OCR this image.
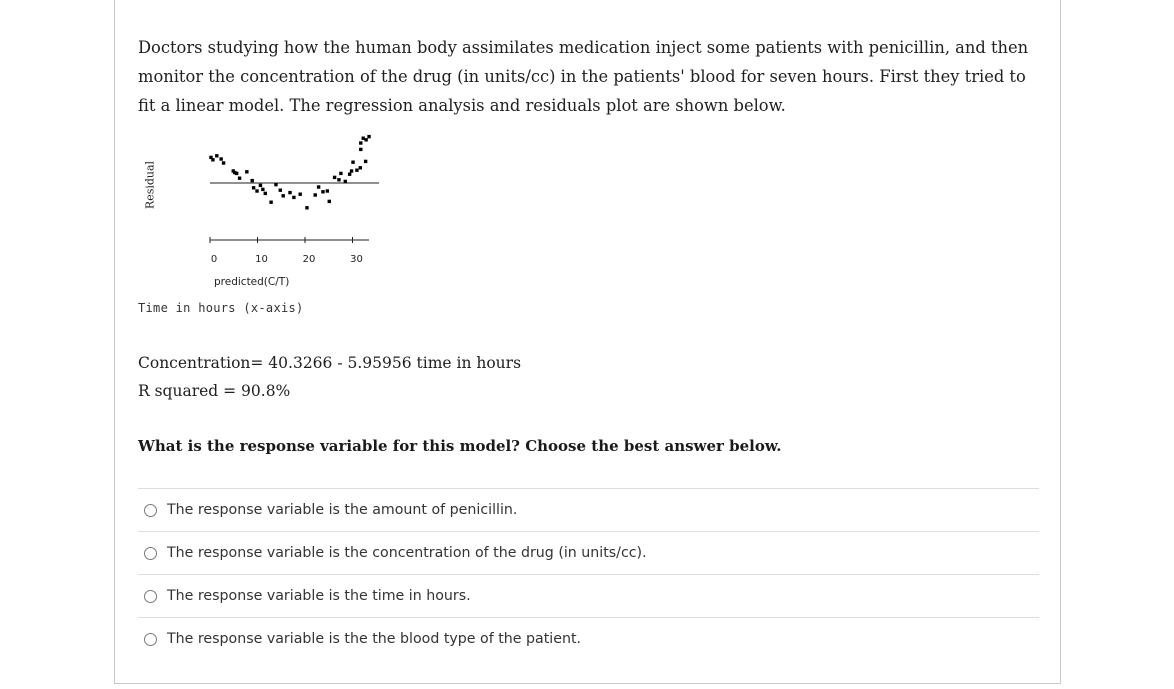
Doctors studying how the human body assimilates medication inject some patients with penicillin, and then monitor the concentration of the drug (in units/cc) in the patients' blood for seven hours. First they tried to fit a linear model. The regression analysis and residuals plot are shown below.
Residual
0	10	20	30
predicted(C/T)
Time in hours (x-axis)
Concentration= 40.3266 - 5.95956 time in hours
R squared = 90.8%
What is the response variable for this model? Choose the best answer below.
The response variable is the amount of penicillin.
The response variable is the concentration of the drug (in units/cc).
The response variable is the time in hours.
The response variable is the the blood type of the patient.
